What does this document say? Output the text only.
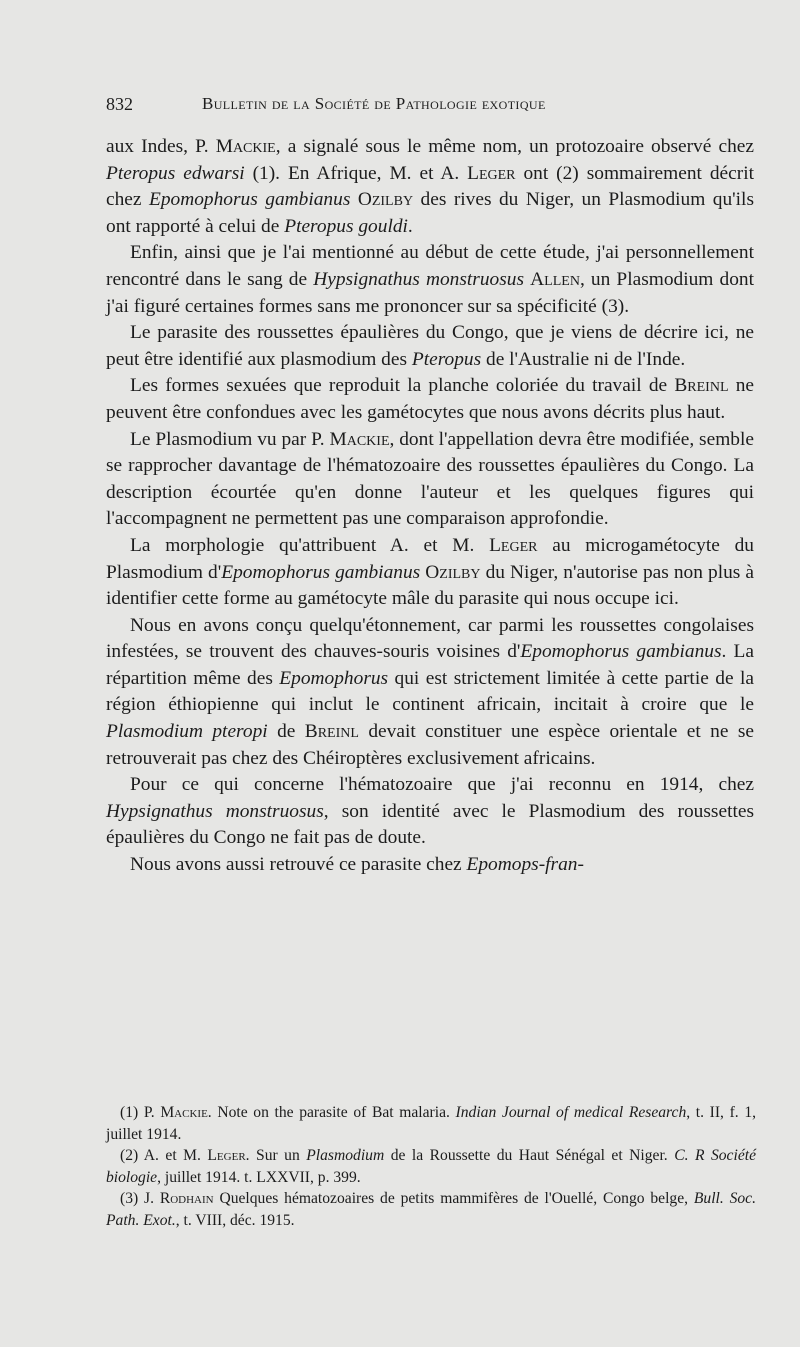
832	Bulletin de la Société de Pathologie exotique

aux Indes, P. Mackie, a signalé sous le même nom, un protozoaire observé chez Pteropus edwarsi (1). En Afrique, M. et A. Leger ont (2) sommairement décrit chez Epomophorus gambianus Ozilby des rives du Niger, un Plasmodium qu'ils ont rapporté à celui de Pteropus gouldi.

Enfin, ainsi que je l'ai mentionné au début de cette étude, j'ai personnellement rencontré dans le sang de Hypsignathus monstruosus Allen, un Plasmodium dont j'ai figuré certaines formes sans me prononcer sur sa spécificité (3).

Le parasite des roussettes épaulières du Congo, que je viens de décrire ici, ne peut être identifié aux plasmodium des Pteropus de l'Australie ni de l'Inde.

Les formes sexuées que reproduit la planche coloriée du travail de Breinl ne peuvent être confondues avec les gamétocytes que nous avons décrits plus haut.

Le Plasmodium vu par P. Mackie, dont l'appellation devra être modifiée, semble se rapprocher davantage de l'hématozoaire des roussettes épaulières du Congo. La description écourtée qu'en donne l'auteur et les quelques figures qui l'accompagnent ne permettent pas une comparaison approfondie.

La morphologie qu'attribuent A. et M. Leger au microgamétocyte du Plasmodium d'Epomophorus gambianus Ozilby du Niger, n'autorise pas non plus à identifier cette forme au gamétocyte mâle du parasite qui nous occupe ici.

Nous en avons conçu quelqu'étonnement, car parmi les roussettes congolaises infestées, se trouvent des chauves-souris voisines d'Epomophorus gambianus. La répartition même des Epomophorus qui est strictement limitée à cette partie de la région éthiopienne qui inclut le continent africain, incitait à croire que le Plasmodium pteropi de Breinl devait constituer une espèce orientale et ne se retrouverait pas chez des Chéiroptères exclusivement africains.

Pour ce qui concerne l'hématozoaire que j'ai reconnu en 1914, chez Hypsignathus monstruosus, son identité avec le Plasmodium des roussettes épaulières du Congo ne fait pas de doute.

Nous avons aussi retrouvé ce parasite chez Epomops-fran-

(1) P. Mackie. Note on the parasite of Bat malaria. Indian Journal of medical Research, t. II, f. 1, juillet 1914.

(2) A. et M. Leger. Sur un Plasmodium de la Roussette du Haut Sénégal et Niger. C. R Société biologie, juillet 1914. t. LXXVII, p. 399.

(3) J. Rodhain Quelques hématozoaires de petits mammifères de l'Ouellé, Congo belge, Bull. Soc. Path. Exot., t. VIII, déc. 1915.
